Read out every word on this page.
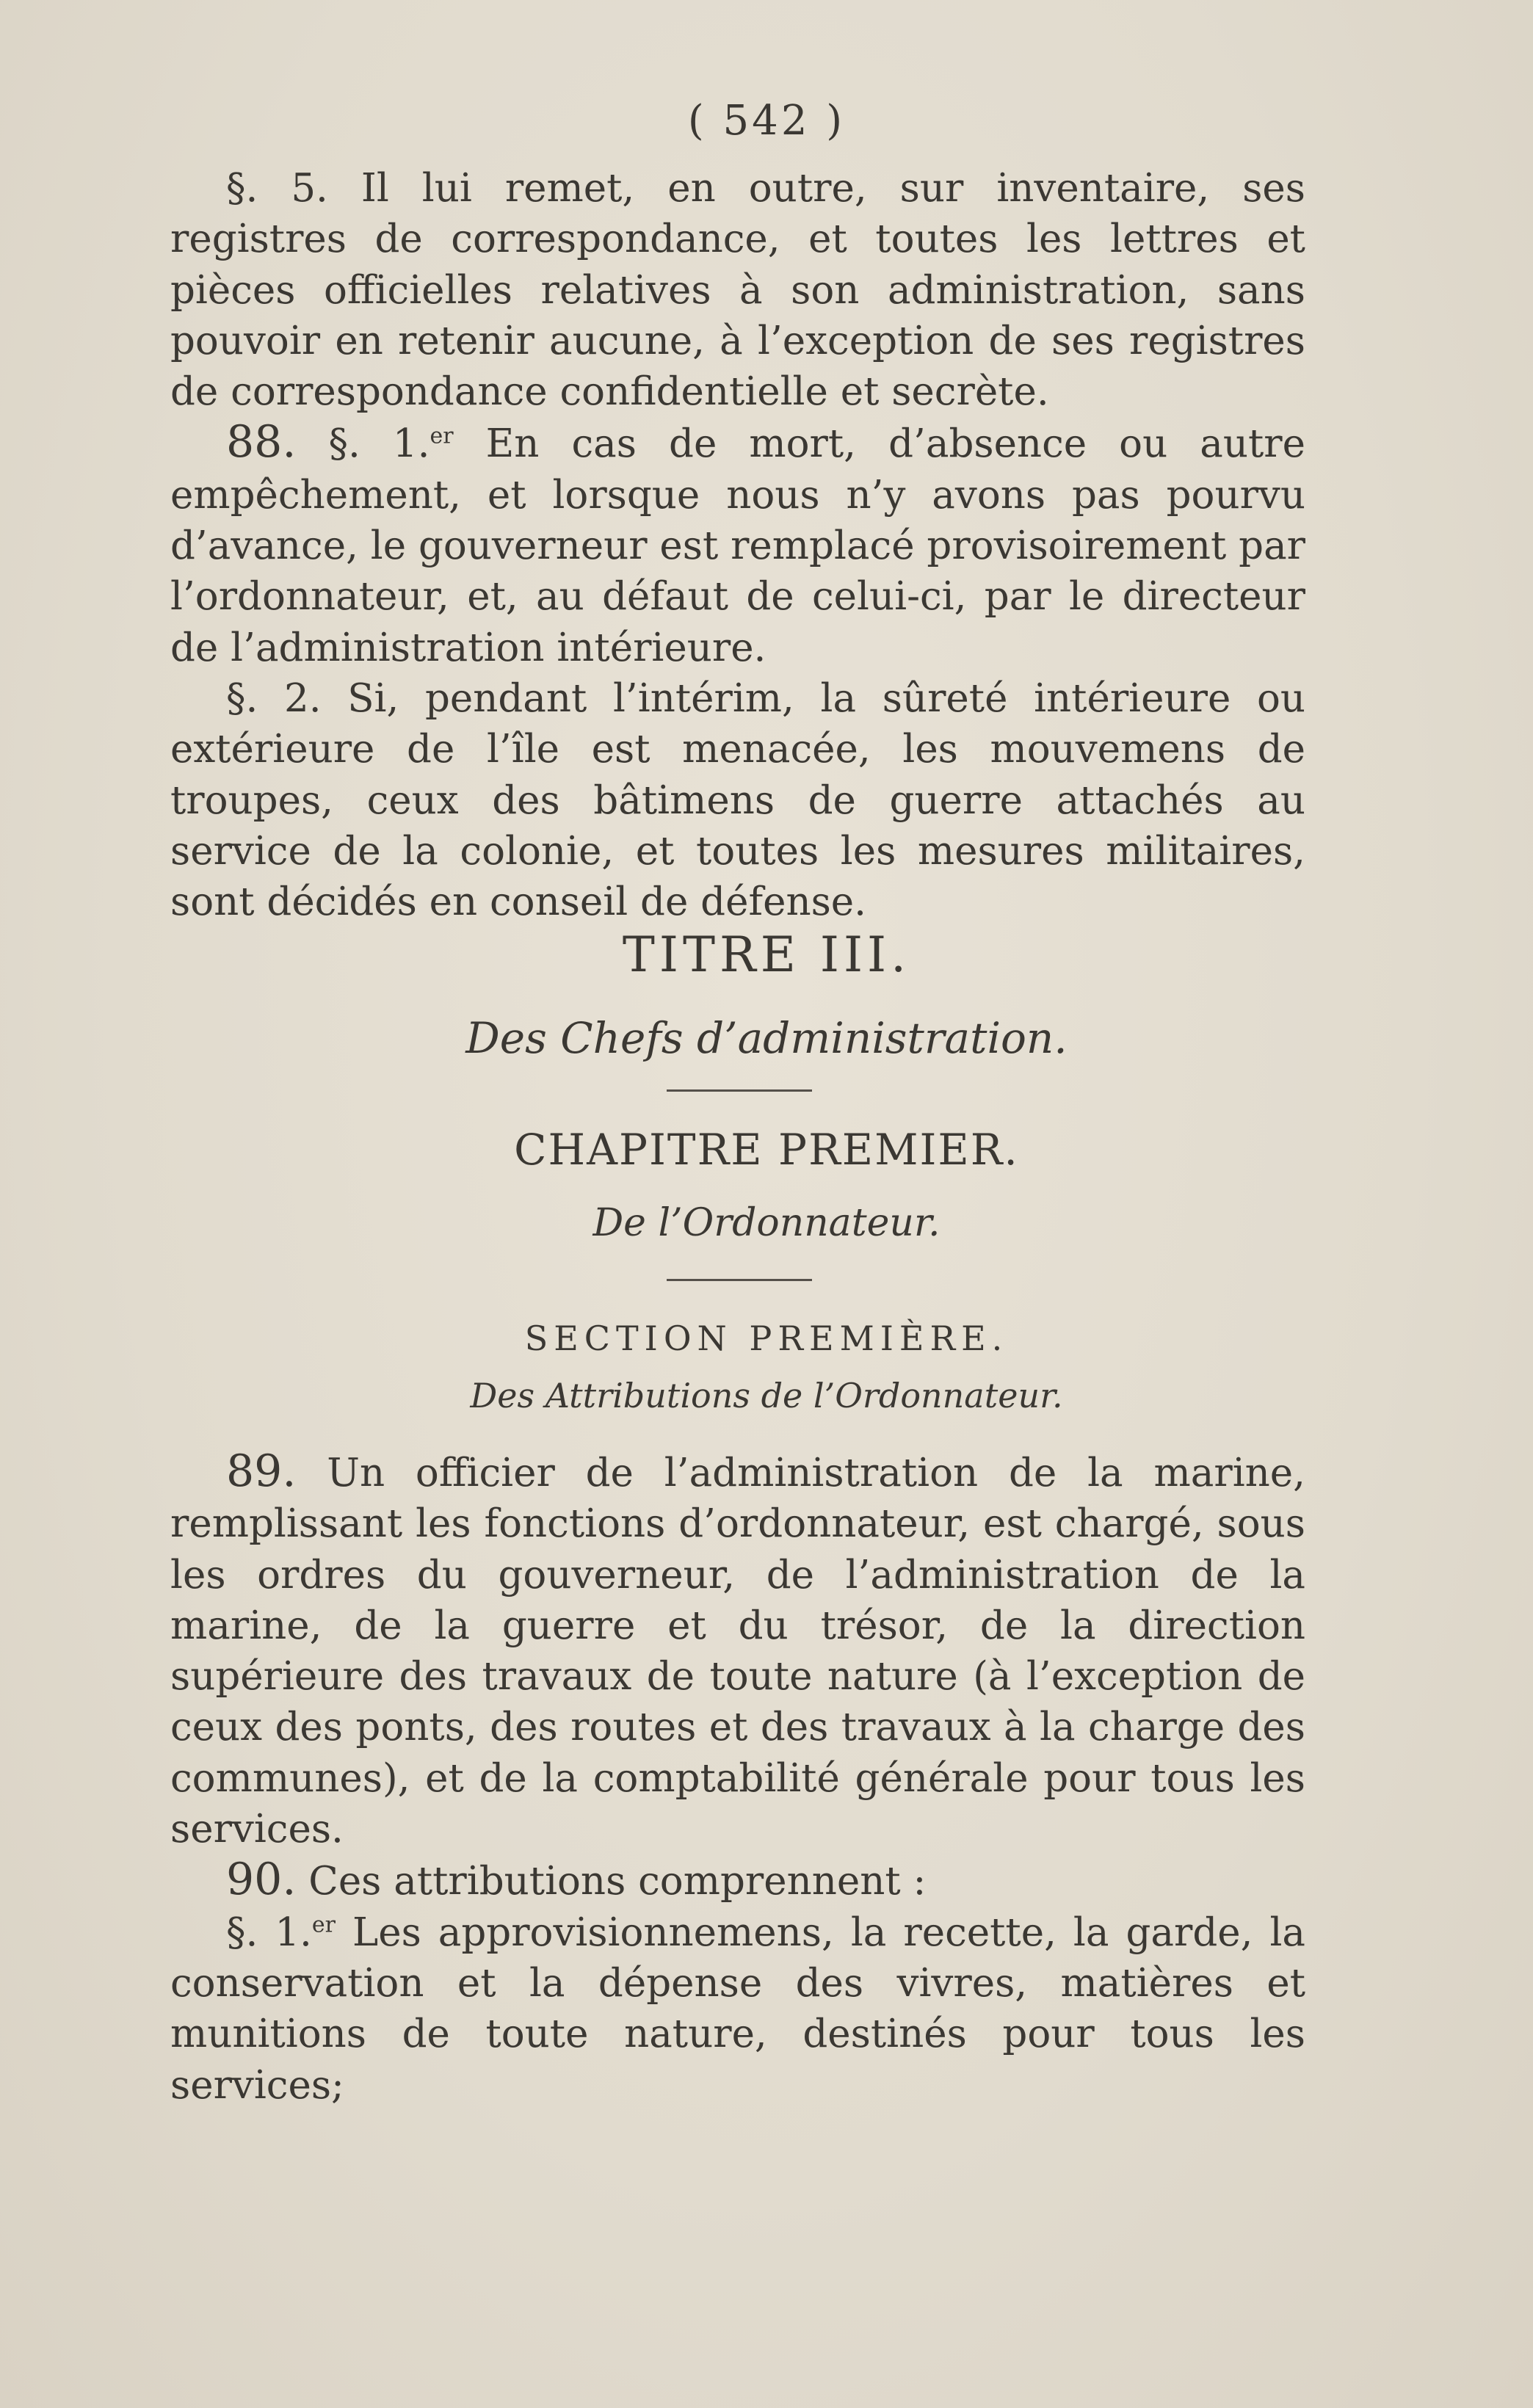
( 542 )

§. 5. Il lui remet, en outre, sur inventaire, ses registres de correspondance, et toutes les lettres et pièces officielles relatives à son administration, sans pouvoir en retenir aucune, à l’exception de ses registres de correspondance confidentielle et secrète.

88. §. 1.$^{er}$ En cas de mort, d’absence ou autre empêchement, et lorsque nous n’y avons pas pourvu d’avance, le gouverneur est remplacé provisoirement par l’ordonnateur, et, au défaut de celui-ci, par le directeur de l’administration intérieure.

§. 2. Si, pendant l’intérim, la sûreté intérieure ou extérieure de l’île est menacée, les mouvemens de troupes, ceux des bâtimens de guerre attachés au service de la colonie, et toutes les mesures militaires, sont décidés en conseil de défense.

TITRE III.
Des Chefs d’administration.
CHAPITRE PREMIER.
De l’Ordonnateur.
SECTION PREMIÈRE.
Des Attributions de l’Ordonnateur.

89. Un officier de l’administration de la marine, remplissant les fonctions d’ordonnateur, est chargé, sous les ordres du gouverneur, de l’administration de la marine, de la guerre et du trésor, de la direction supérieure des travaux de toute nature (à l’exception de ceux des ponts, des routes et des travaux à la charge des communes), et de la comptabilité générale pour tous les services.

90. Ces attributions comprennent :

§. 1.$^{er}$ Les approvisionnemens, la recette, la garde, la conservation et la dépense des vivres, matières et munitions de toute nature, destinés pour tous les services;
